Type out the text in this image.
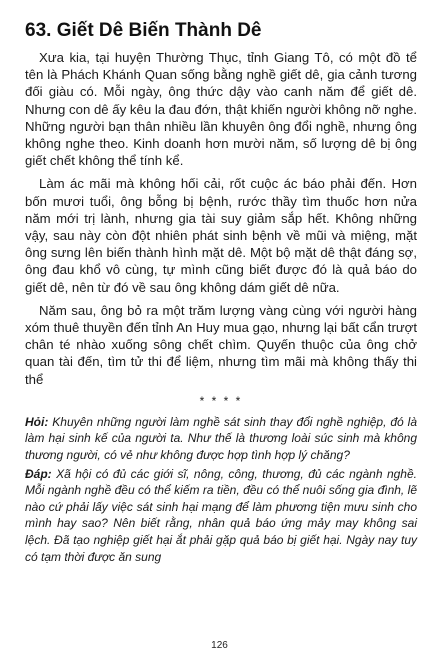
63. Giết Dê Biến Thành Dê

Xưa kia, tại huyện Thường Thục, tỉnh Giang Tô, có một đồ tể tên là Phách Khánh Quan sống bằng nghề giết dê, gia cảnh tương đối giàu có. Mỗi ngày, ông thức dậy vào canh năm để giết dê. Nhưng con dê ấy kêu la đau đớn, thật khiến người không nỡ nghe. Những người bạn thân nhiều lần khuyên ông đổi nghề, nhưng ông không nghe theo. Kinh doanh hơn mười năm, số lượng dê bị ông giết chết không thể tính kể.

Làm ác mãi mà không hối cải, rốt cuộc ác báo phải đến. Hơn bốn mươi tuổi, ông bỗng bị bệnh, rước thầy tìm thuốc hơn nửa năm mới trị lành, nhưng gia tài suy giảm sắp hết. Không những vậy, sau này còn đột nhiên phát sinh bệnh về mũi và miệng, mặt ông sưng lên biến thành hình mặt dê. Một bộ mặt dê thật đáng sợ, ông đau khổ vô cùng, tự mình cũng biết được đó là quả báo do giết dê, nên từ đó về sau ông không dám giết dê nữa.

Năm sau, ông bỏ ra một trăm lượng vàng cùng với người hàng xóm thuê thuyền đến tỉnh An Huy mua gạo, nhưng lại bất cẩn trượt chân té nhào xuống sông chết chìm. Quyến thuộc của ông chở quan tài đến, tìm tử thi để liệm, nhưng tìm mãi mà không thấy thi thể

* * * *

Hỏi: Khuyên những người làm nghề sát sinh thay đổi nghề nghiệp, đó là làm hại sinh kế của người ta. Như thế là thương loài súc sinh mà không thương người, có vẻ như không được hợp tình hợp lý chăng?

Đáp: Xã hội có đủ các giới sĩ, nông, công, thương, đủ các ngành nghề. Mỗi ngành nghề đều có thể kiếm ra tiền, đều có thể nuôi sống gia đình, lẽ nào cứ phải lấy việc sát sinh hại mạng để làm phương tiện mưu sinh cho mình hay sao? Nên biết rằng, nhân quả báo ứng mảy may không sai lệch. Đã tạo nghiệp giết hại ắt phải gặp quả báo bị giết hại. Ngày nay tuy có tạm thời được ăn sung

126
